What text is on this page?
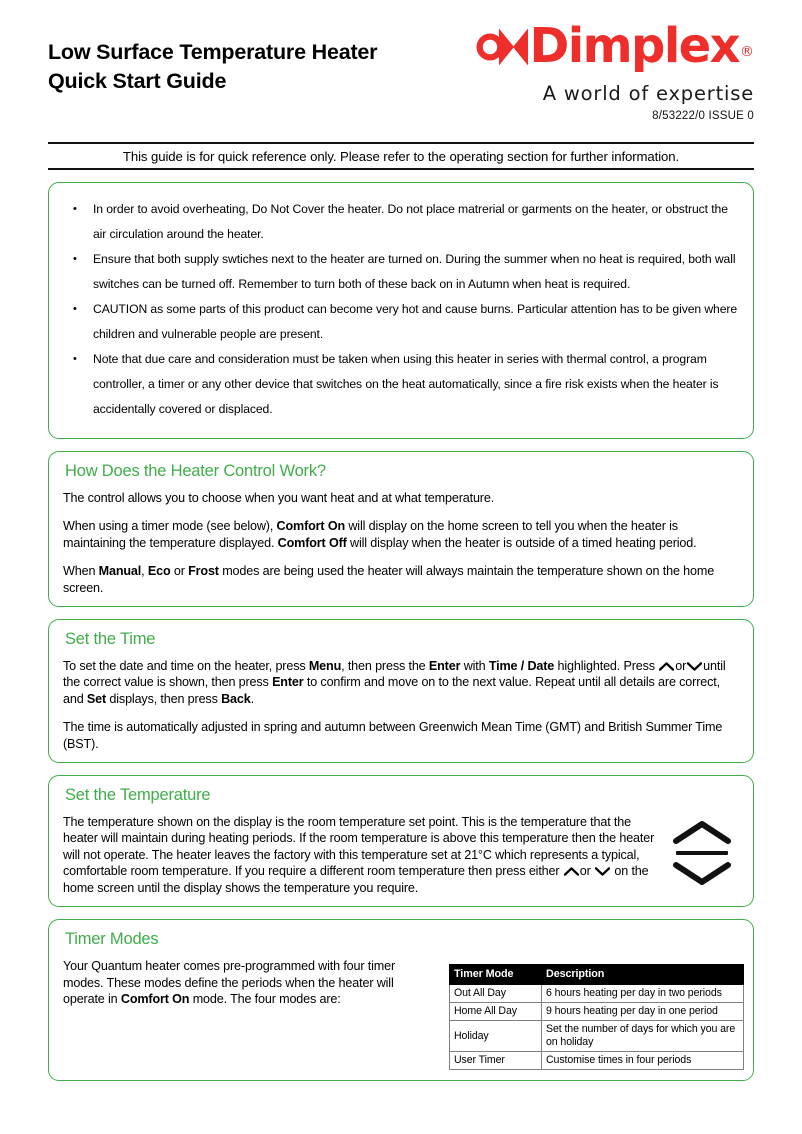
Low Surface Temperature Heater
Quick Start Guide
Dimplex®
A world of expertise
8/53222/0 ISSUE 0
This guide is for quick reference only. Please refer to the operating section for further information.
• In order to avoid overheating, Do Not Cover the heater. Do not place matrerial or garments on the heater, or obstruct the air circulation around the heater.
• Ensure that both supply swtiches next to the heater are turned on. During the summer when no heat is required, both wall switches can be turned off. Remember to turn both of these back on in Autumn when heat is required.
• CAUTION as some parts of this product can become very hot and cause burns. Particular attention has to be given where children and vulnerable people are present.
• Note that due care and consideration must be taken when using this heater in series with thermal control, a program controller, a timer or any other device that switches on the heat automatically, since a fire risk exists when the heater is accidentally covered or displaced.
How Does the Heater Control Work?

The control allows you to choose when you want heat and at what temperature.

When using a timer mode (see below), Comfort On will display on the home screen to tell you when the heater is maintaining the temperature displayed. Comfort Off will display when the heater is outside of a timed heating period.

When Manual, Eco or Frost modes are being used the heater will always maintain the temperature shown on the home screen.

Set the Time

To set the date and time on the heater, press Menu, then press the Enter with Time / Date highlighted. Press or until the correct value is shown, then press Enter to confirm and move on to the next value. Repeat until all details are correct, and Set displays, then press Back.

The time is automatically adjusted in spring and autumn between Greenwich Mean Time (GMT) and British Summer Time (BST).

Set the Temperature

The temperature shown on the display is the room temperature set point. This is the temperature that the heater will maintain during heating periods. If the room temperature is above this temperature then the heater will not operate. The heater leaves the factory with this temperature set at 21°C which represents a typical, comfortable room temperature. If you require a different room temperature then press either or on the home screen until the display shows the temperature you require.

Timer Modes

Your Quantum heater comes pre-programmed with four timer modes. These modes define the periods when the heater will operate in Comfort On mode. The four modes are:

Timer Mode	Description
Out All Day	6 hours heating per day in two periods
Home All Day	9 hours heating per day in one period
Holiday	Set the number of days for which you are on holiday
User Timer	Customise times in four periods
